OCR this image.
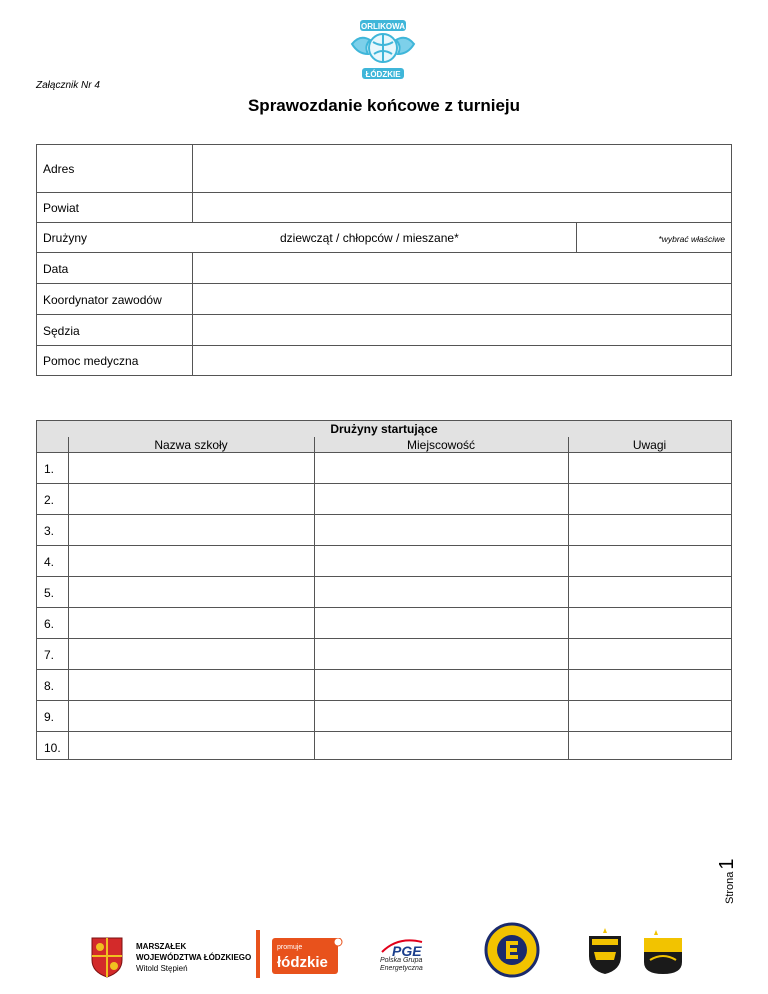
ORLIKOWA
ŁÓDZKIE
Załącznik Nr 4
Sprawozdanie końcowe z turnieju
Adres
Powiat
Drużyny	dziewcząt / chłopców / mieszane*	*wybrać właściwe
Data
Koordynator zawodów
Sędzia
Pomoc medyczna
Drużyny startujące
Nazwa szkoły	Miejscowość	Uwagi
1.
2.
3.
4.
5.
6.
7.
8.
9.
10.
Strona1
MARSZAŁEK
WOJEWÓDZTWA ŁÓDZKIEGO
Witold Stępień
promuje
łódzkie
PGE
Polska Grupa
Energetyczna
